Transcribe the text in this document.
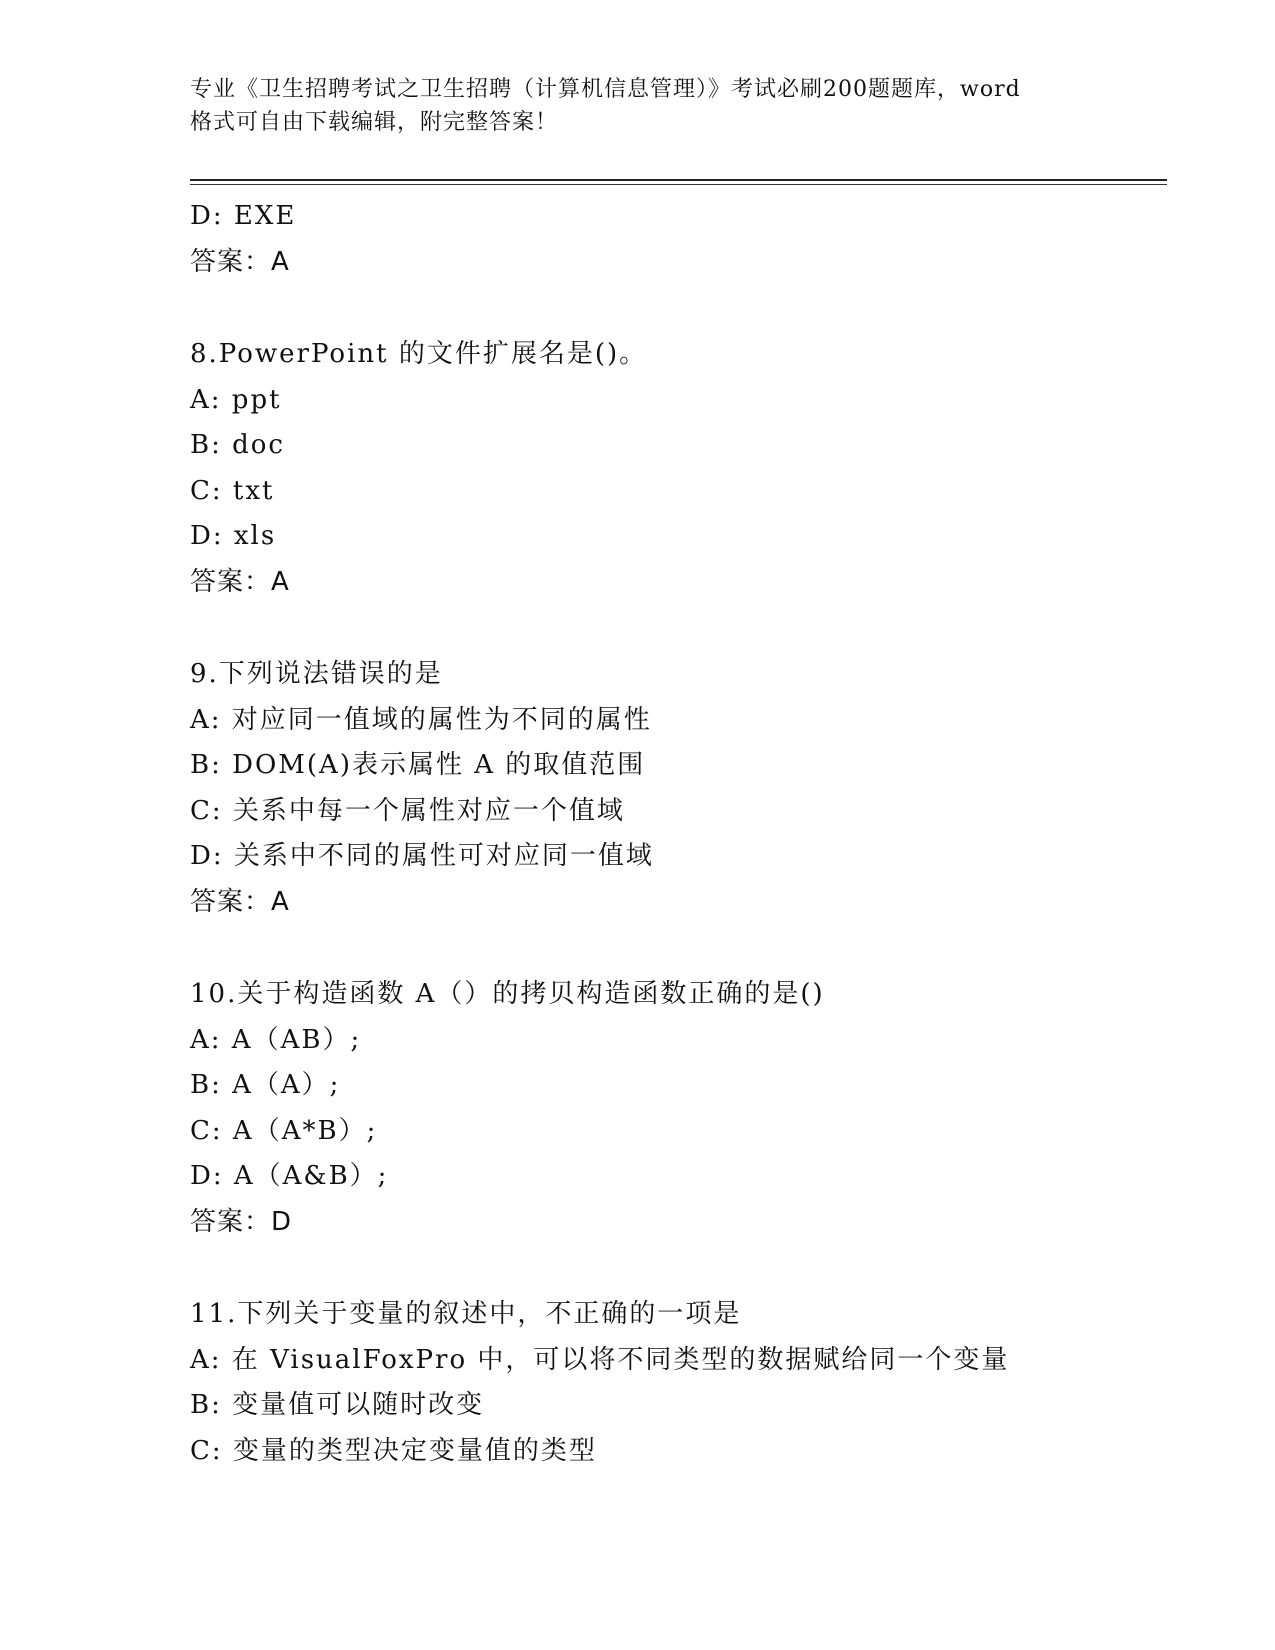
专业《卫生招聘考试之卫生招聘（计算机信息管理）》考试必刷200题题库，word
格式可自由下载编辑，附完整答案！
D: EXE
答案：A
8.PowerPoint 的文件扩展名是()。
A: ppt
B: doc
C: txt
D: xls
答案：A
9.下列说法错误的是
A: 对应同一值域的属性为不同的属性
B: DOM(A)表示属性 A 的取值范围
C: 关系中每一个属性对应一个值域
D: 关系中不同的属性可对应同一值域
答案：A
10.关于构造函数 A（）的拷贝构造函数正确的是()
A: A（AB）;
B: A（A）;
C: A（A*B）;
D: A（A&B）;
答案：D
11.下列关于变量的叙述中，不正确的一项是
A: 在 VisualFoxPro 中，可以将不同类型的数据赋给同一个变量
B: 变量值可以随时改变
C: 变量的类型决定变量值的类型
